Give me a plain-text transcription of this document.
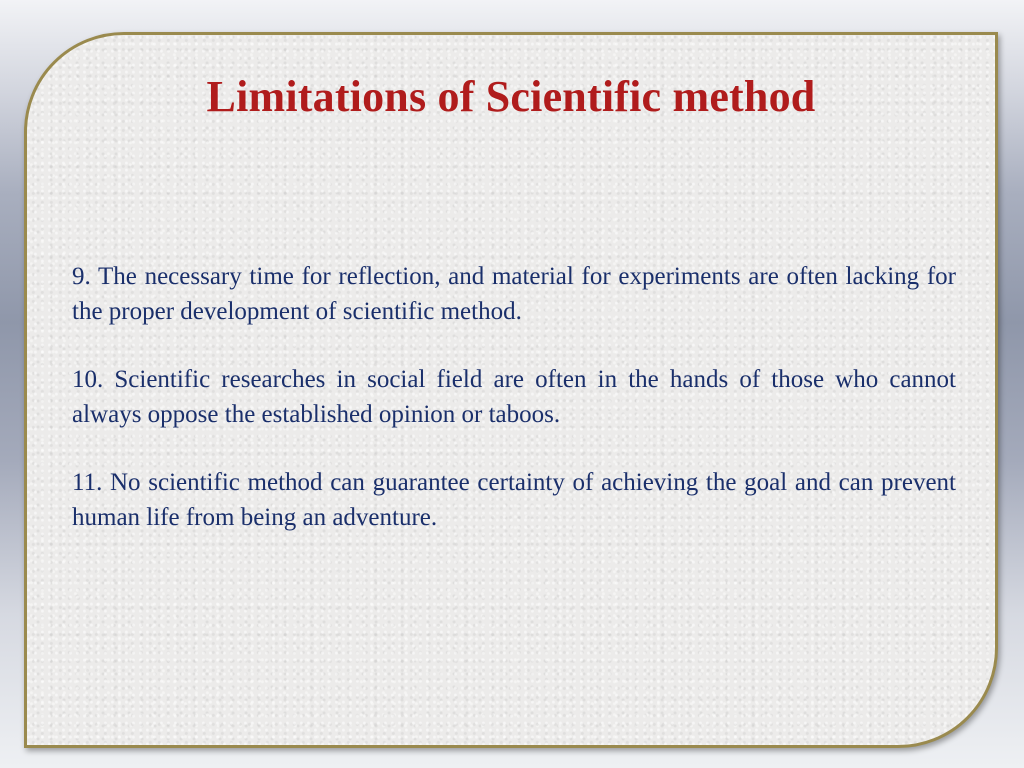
Limitations of Scientific method

9. The necessary time for reflection, and material for experiments are often lacking for the proper development of scientific method.

10. Scientific researches in social field are often in the hands of those who cannot always oppose the established opinion or taboos.

11. No scientific method can guarantee certainty of achieving the goal and can prevent human life from being an adventure.
